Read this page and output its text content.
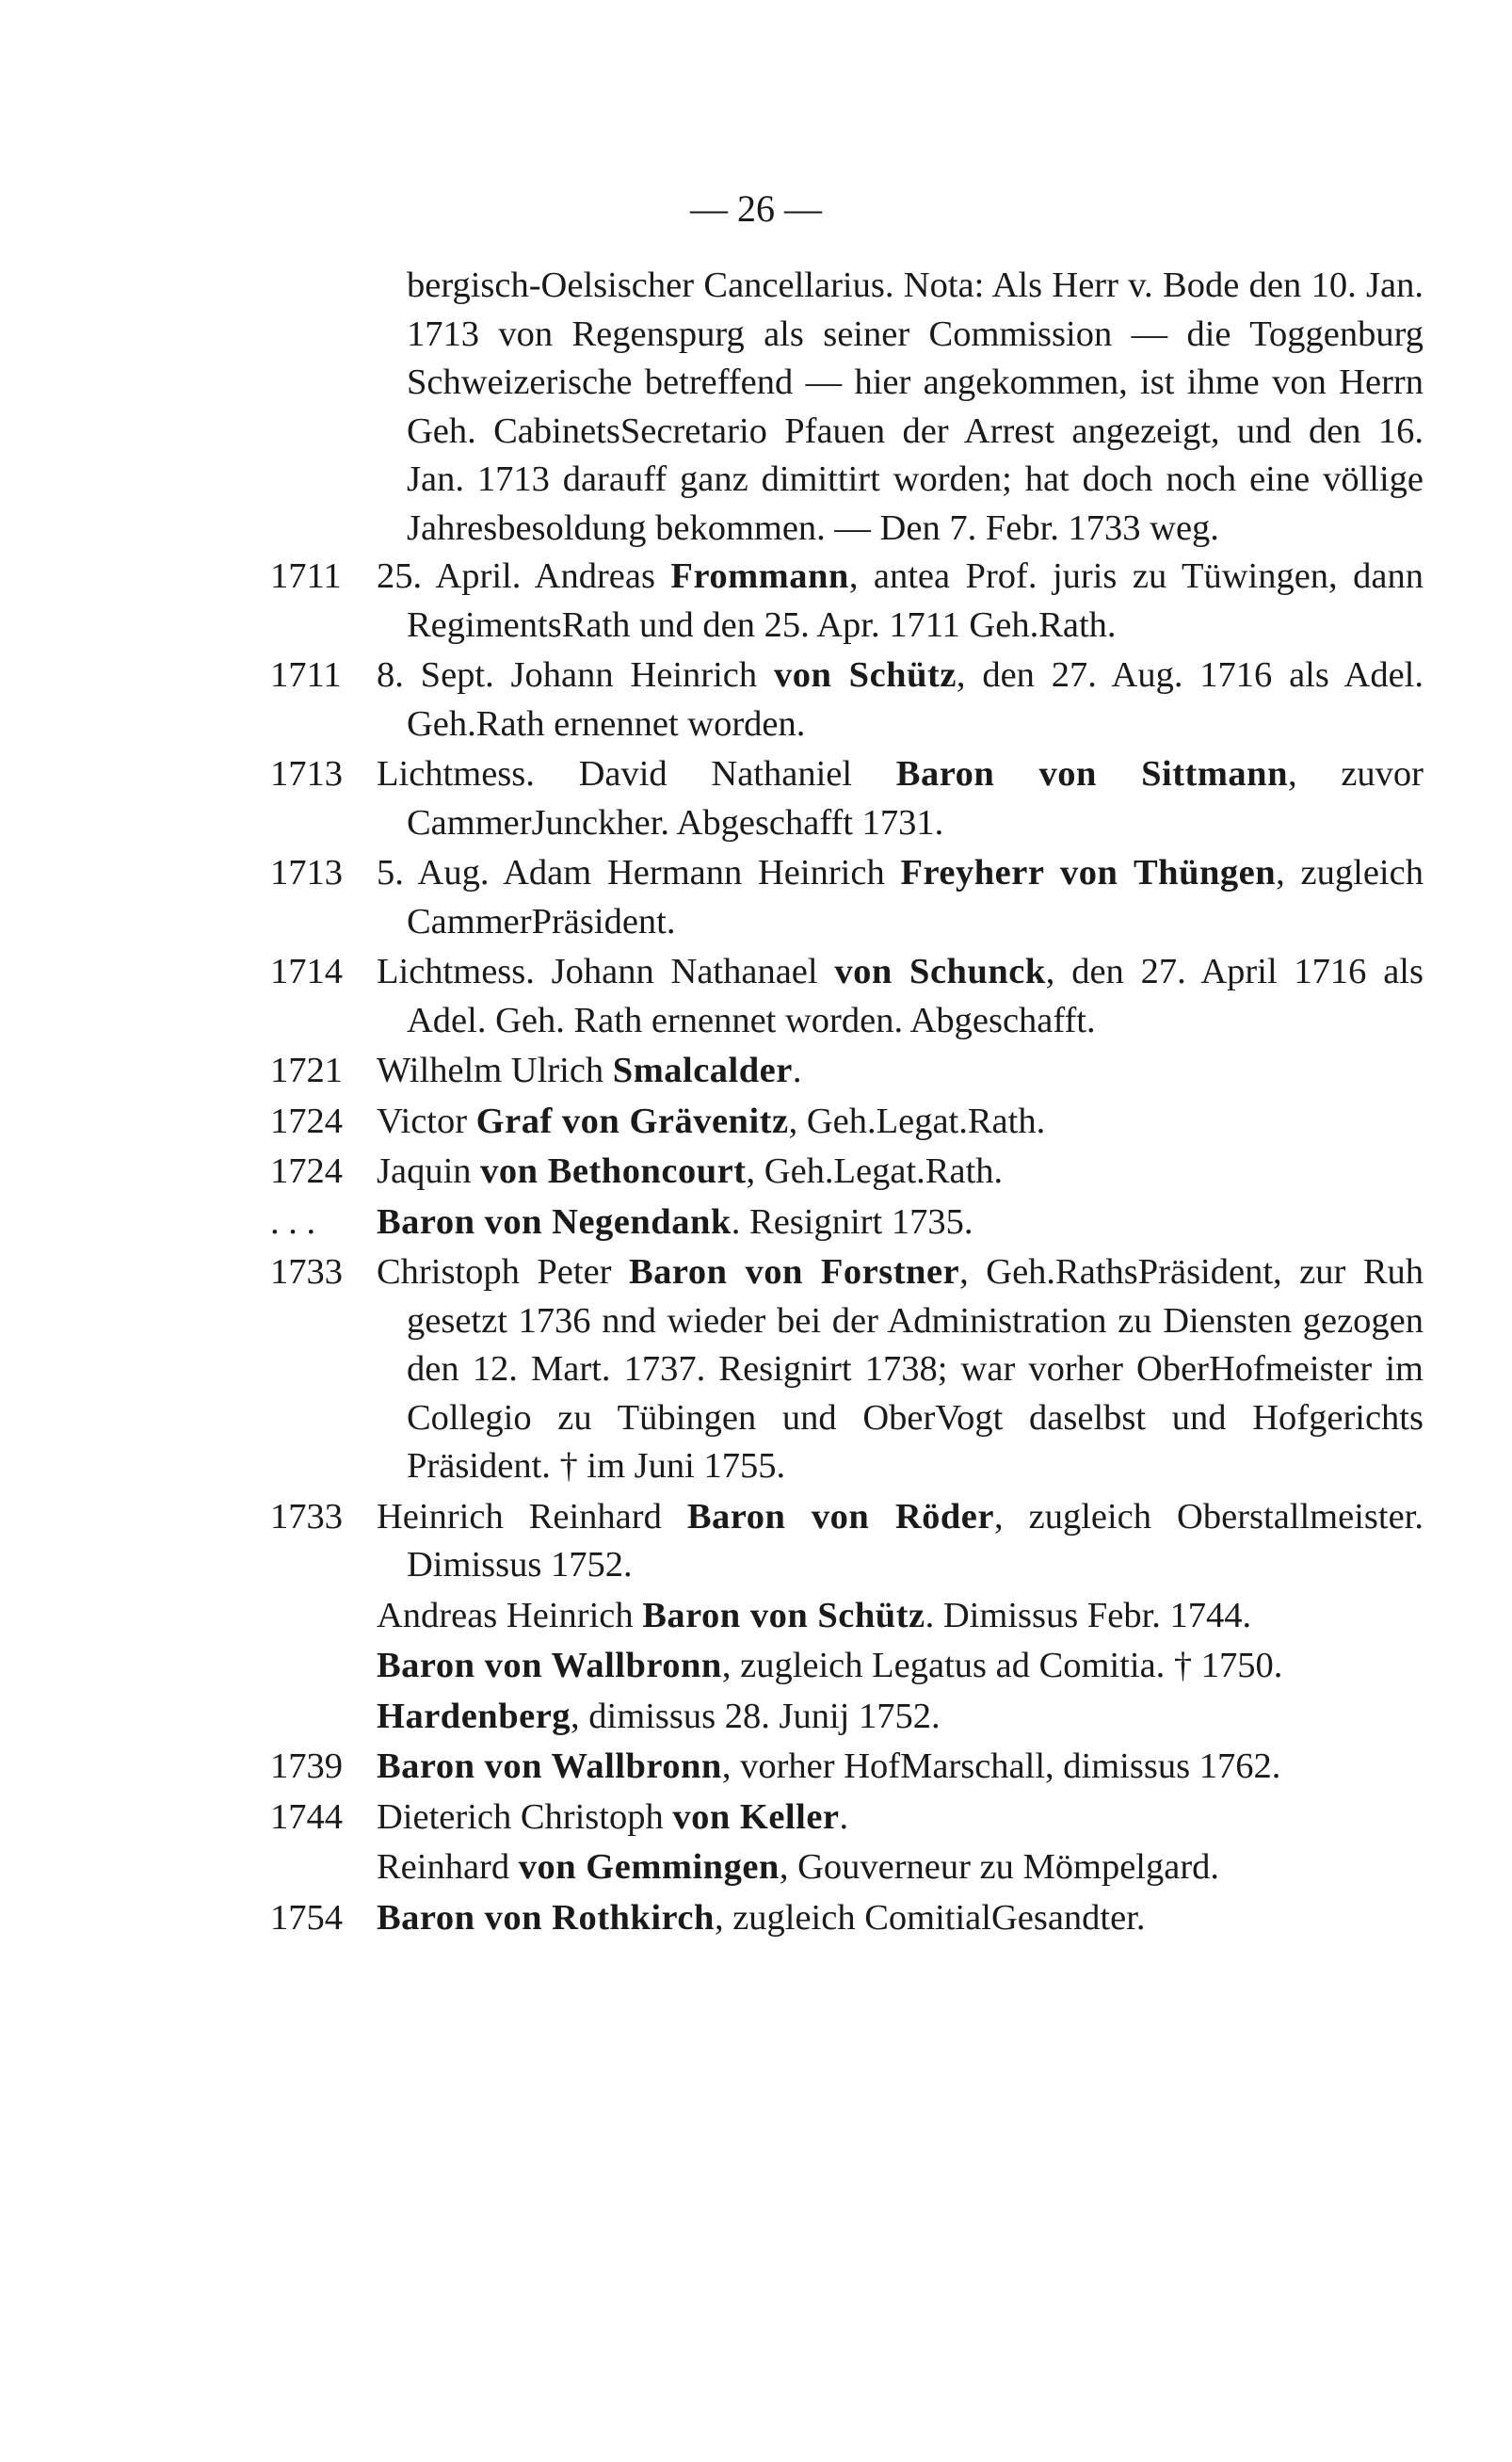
— 26 —
bergisch-Oelsischer Cancellarius. Nota: Als Herr v. Bode den 10. Jan. 1713 von Regenspurg als seiner Commission — die Toggenburg Schweizerische betreffend — hier angekommen, ist ihme von Herrn Geh. CabinetsSecretario Pfauen der Arrest angezeigt, und den 16. Jan. 1713 darauff ganz dimittirt worden; hat doch noch eine völlige Jahresbesoldung bekommen. — Den 7. Febr. 1733 weg.
1711 25. April. Andreas Frommann, antea Prof. juris zu Tüwingen, dann RegimentsRath und den 25. Apr. 1711 Geh.Rath.
1711 8. Sept. Johann Heinrich von Schütz, den 27. Aug. 1716 als Adel. Geh.Rath ernennet worden.
1713 Lichtmess. David Nathaniel Baron von Sittmann, zuvor CammerJunckher. Abgeschafft 1731.
1713 5. Aug. Adam Hermann Heinrich Freyherr von Thüngen, zugleich CammerPräsident.
1714 Lichtmess. Johann Nathanael von Schunck, den 27. April 1716 als Adel. Geh. Rath ernennet worden. Abgeschafft.
1721 Wilhelm Ulrich Smalcalder.
1724 Victor Graf von Grävenitz, Geh.Legat.Rath.
1724 Jaquin von Bethoncourt, Geh.Legat.Rath.
. . . Baron von Negendank. Resignirt 1735.
1733 Christoph Peter Baron von Forstner, Geh.RathsPräsident, zur Ruh gesetzt 1736 nnd wieder bei der Administration zu Diensten gezogen den 12. Mart. 1737. Resignirt 1738; war vorher OberHofmeister im Collegio zu Tübingen und OberVogt daselbst und Hofgerichts Präsident. † im Juni 1755.
1733 Heinrich Reinhard Baron von Röder, zugleich Oberstallmeister. Dimissus 1752.
Andreas Heinrich Baron von Schütz. Dimissus Febr. 1744.
Baron von Wallbronn, zugleich Legatus ad Comitia. † 1750.
Hardenberg, dimissus 28. Junij 1752.
1739 Baron von Wallbronn, vorher HofMarschall, dimissus 1762.
1744 Dieterich Christoph von Keller.
Reinhard von Gemmingen, Gouverneur zu Mömpelgard.
1754 Baron von Rothkirch, zugleich ComitialGesandter.
